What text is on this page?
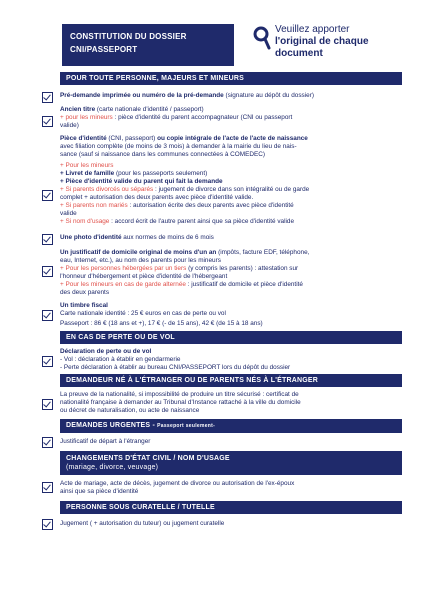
CONSTITUTION DU DOSSIER
CNI/PASSEPORT
Veuillez apporter
l'original de chaque
document
POUR TOUTE PERSONNE, MAJEURS ET MINEURS
Pré-demande imprimée ou numéro de la pré-demande (signature au dépôt du dossier)
Ancien titre (carte nationale d'identité / passeport)
+ pour les mineurs : pièce d'identité du parent accompagnateur (CNI ou passeport
valide)
Pièce d'identité (CNI, passeport) ou copie intégrale de l'acte de l'acte de naissance
avec filiation complète (de moins de 3 mois) à demander à la mairie du lieu de nais-
sance (sauf si naissance dans les communes connectées à COMEDEC)
+ Pour les mineurs
+ Livret de famille (pour les passeports seulement)
+ Pièce d'identité valide du parent qui fait la demande
+ Si parents divorcés ou séparés : jugement de divorce dans son intégralité ou de garde
complet + autorisation des deux parents avec pièce d'identité valide.
+ Si parents non mariés : autorisation écrite des deux parents avec pièce d'identité
valide
+ Si nom d'usage : accord écrit de l'autre parent ainsi que sa pièce d'identité valide
Une photo d'identité aux normes de moins de 6 mois
Un justificatif de domicile original de moins d'un an (impôts, facture EDF, téléphone,
eau, Internet, etc.), au nom des parents pour les mineurs
+ Pour les personnes hébergées par un tiers (y compris les parents) : attestation sur
l'honneur d'hébergement et pièce d'identité de l'hébergeant
+ Pour les mineurs en cas de garde alternée : justificatif de domicile et pièce d'identité
des deux parents
Un timbre fiscal
Carte nationale identité : 25 € euros en cas de perte ou vol
Passeport : 86 € (18 ans et +), 17 € (- de 15 ans), 42 € (de 15 à 18 ans)
EN CAS DE PERTE OU DE VOL
Déclaration de perte ou de vol
- Vol : déclaration à établir en gendarmerie
- Perte déclaration à établir au bureau CNI/PASSEPORT lors du dépôt du dossier
DEMANDEUR NÉ À L'ÉTRANGER OU DE PARENTS NÉS À L'ÉTRANGER
La preuve de la nationalité, si impossibilité de produire un titre sécurisé : certificat de
nationalité française à demander au Tribunal d'Instance rattaché à la ville du domicile
ou décret de naturalisation, ou acte de naissance
DEMANDES URGENTES - Passeport seulement-
Justificatif de départ à l'étranger
CHANGEMENTS D'ÉTAT CIVIL / NOM D'USAGE
(mariage, divorce, veuvage)
Acte de mariage, acte de décès, jugement de divorce ou autorisation de l'ex-époux
ainsi que sa pièce d'identité
PERSONNE SOUS CURATELLE / TUTELLE
Jugement ( + autorisation du tuteur) ou jugement curatelle
